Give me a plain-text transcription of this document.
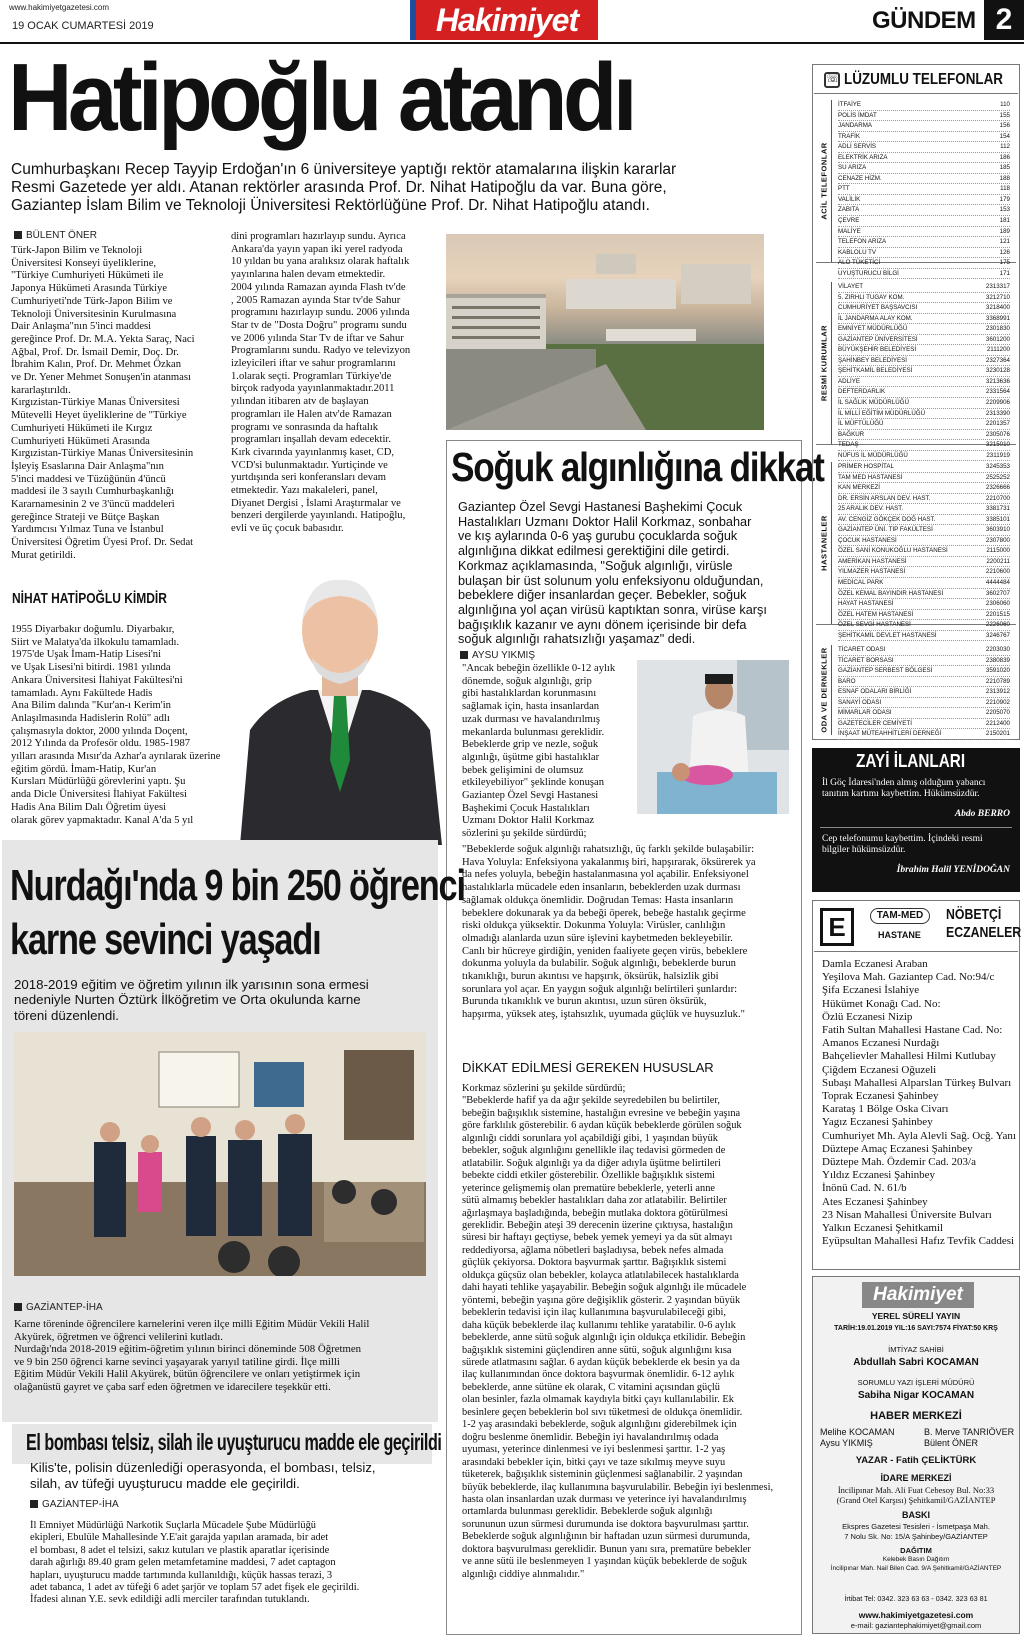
www.hakimiyetgazetesi.com
19 OCAK CUMARTESİ 2019	Hakimiyet	GÜNDEM 2
Hatipoğlu atandı
Cumhurbaşkanı Recep Tayyip Erdoğan'ın 6 üniversiteye yaptığı rektör atamalarına ilişkin kararlar
Resmi Gazetede yer aldı. Atanan rektörler arasında Prof. Dr. Nihat Hatipoğlu da var. Buna göre,
Gaziantep İslam Bilim ve Teknoloji Üniversitesi Rektörlüğüne Prof. Dr. Nihat Hatipoğlu atandı.
BÜLENT ÖNER
Türk-Japon Bilim ve Teknoloji
Üniversitesi Konseyi üyeliklerine,
"Türkiye Cumhuriyeti Hükümeti ile
Japonya Hükümeti Arasında Türkiye
Cumhuriyeti'nde Türk-Japon Bilim ve
Teknoloji Üniversitesinin Kurulmasına
Dair Anlaşma"nın 5'inci maddesi
gereğince Prof. Dr. M.A. Yekta Saraç, Naci
Ağbal, Prof. Dr. İsmail Demir, Doç. Dr.
İbrahim Kalın, Prof. Dr. Mehmet Özkan
ve Dr. Yener Mehmet Sonuşen'in atanması
kararlaştırıldı.
Kırgızistan-Türkiye Manas Üniversitesi
Mütevelli Heyet üyeliklerine de "Türkiye
Cumhuriyeti Hükümeti ile Kırgız
Cumhuriyeti Hükümeti Arasında
Kırgızistan-Türkiye Manas Üniversitesinin
İşleyiş Esaslarına Dair Anlaşma"nın
5'inci maddesi ve Tüzüğünün 4'üncü
maddesi ile 3 sayılı Cumhurbaşkanlığı
Kararnamesinin 2 ve 3'üncü maddeleri
gereğince Strateji ve Bütçe Başkan
Yardımcısı Yılmaz Tuna ve İstanbul
Üniversitesi Öğretim Üyesi Prof. Dr. Sedat
Murat getirildi.
dini programları hazırlayıp sundu. Ayrıca
Ankara'da yayın yapan iki yerel radyoda
10 yıldan bu yana aralıksız olarak haftalık
yayınlarına halen devam etmektedir.
2004 yılında Ramazan ayında Flash tv'de
, 2005 Ramazan ayında Star tv'de Sahur
programını hazırlayıp sundu. 2006 yılında
Star tv de "Dosta Doğru" programı sundu
ve 2006 yılında Star Tv de iftar ve Sahur
Programlarını sundu. Radyo ve televizyon
izleyicileri iftar ve sahur programlarını
1.olarak seçti. Programları Türkiye'de
birçok radyoda yayınlanmaktadır.2011
yılından itibaren atv de başlayan
programları ile Halen atv'de Ramazan
programı ve sonrasında da haftalık
programları inşallah devam edecektir.
Kırk civarında yayınlanmış kaset, CD,
VCD'si bulunmaktadır. Yurtiçinde ve
yurtdışında seri konferansları devam
etmektedir. Yazı makaleleri, panel,
Diyanet Dergisi , İslami Araştırmalar ve
benzeri dergilerde yayınlandı. Hatipoğlu,
evli ve üç çocuk babasıdır.
NİHAT HATİPOĞLU KİMDİR
1955 Diyarbakır doğumlu. Diyarbakır,
Siirt ve Malatya'da ilkokulu tamamladı.
1975'de Uşak İmam-Hatip Lisesi'ni
ve Uşak Lisesi'ni bitirdi. 1981 yılında
Ankara Üniversitesi İlahiyat Fakültesi'ni
tamamladı. Aynı Fakültede Hadis
Ana Bilim dalında "Kur'an-ı Kerim'in
Anlaşılmasında Hadislerin Rolü" adlı
çalışmasıyla doktor, 2000 yılında Doçent,
2012 Yılında da Profesör oldu. 1985-1987
yılları arasında Mısır'da Azhar'a ayrılarak üzerine
eğitim gördü. İmam-Hatip, Kur'an
Kursları Müdürlüğü görevlerini yaptı. Şu
anda Dicle Üniversitesi İlahiyat Fakültesi
Hadis Ana Bilim Dalı Öğretim üyesi
olarak görev yapmaktadır. Kanal A'da 5 yıl
Soğuk algınlığına dikkat
Gaziantep Özel Sevgi Hastanesi Başhekimi Çocuk
Hastalıkları Uzmanı Doktor Halil Korkmaz, sonbahar
ve kış aylarında 0-6 yaş gurubu çocuklarda soğuk
algınlığına dikkat edilmesi gerektiğini dile getirdi.
Korkmaz açıklamasında, "Soğuk algınlığı, virüsle
bulaşan bir üst solunum yolu enfeksiyonu olduğundan,
bebeklere diğer insanlardan geçer. Bebekler, soğuk
algınlığına yol açan virüsü kaptıktan sonra, virüse karşı
bağışıklık kazanır ve aynı dönem içerisinde bir defa
soğuk algınlığı rahatsızlığı yaşamaz" dedi.
AYSU YIKMIŞ
"Ancak bebeğin özellikle 0-12 aylık
dönemde, soğuk algınlığı, grip
gibi hastalıklardan korunmasını
sağlamak için, hasta insanlardan
uzak durması ve havalandırılmış
mekanlarda bulunması gereklidir.
Bebeklerde grip ve nezle, soğuk
algınlığı, üşütme gibi hastalıklar
bebek gelişimini de olumsuz
etkileyebiliyor" şeklinde konuşan
Gaziantep Özel Sevgi Hastanesi
Başhekimi Çocuk Hastalıkları
Uzmanı Doktor Halil Korkmaz
sözlerini şu şekilde sürdürdü;
"Bebeklerde soğuk algınlığı rahatsızlığı, üç farklı şekilde bulaşabilir:
Hava Yoluyla: Enfeksiyona yakalanmış biri, hapşırarak, öksürerek ya
da nefes yoluyla, bebeğin hastalanmasına yol açabilir. Enfeksiyonel
hastalıklarla mücadele eden insanların, bebeklerden uzak durması
sağlamak oldukça önemlidir. Doğrudan Temas: Hasta insanların
bebeklere dokunarak ya da bebeği öperek, bebeğe hastalık geçirme
riski oldukça yüksektir. Dokunma Yoluyla: Virüsler, canlılığın
olmadığı alanlarda uzun süre işlevini kaybetmeden bekleyebilir.
Canlı bir hücreye girdiğin, yeniden faaliyete geçen virüs, bebeklere
dokunma yoluyla da bulabilir. Soğuk algınlığı, bebeklerde burun
tıkanıklığı, burun akıntısı ve hapşırık, öksürük, halsizlik gibi
sorunlara yol açar. En yaygın soğuk algınlığı belirtileri şunlardır:
Burunda tıkanıklık ve burun akıntısı, uzun süren öksürük,
hapşırma, yüksek ateş, iştahsızlık, uyumada güçlük ve huysuzluk."
DİKKAT EDİLMESİ GEREKEN HUSUSLAR
Korkmaz sözlerini şu şekilde sürdürdü;
"Bebeklerde hafif ya da ağır şekilde seyredebilen bu belirtiler,
bebeğin bağışıklık sistemine, hastalığın evresine ve bebeğin yaşına
göre farklılık gösterebilir. 6 aydan küçük bebeklerde görülen soğuk
algınlığı ciddi sorunlara yol açabildiği gibi, 1 yaşından büyük
bebekler, soğuk algınlığını genellikle ilaç tedavisi görmeden de
atlatabilir. Soğuk algınlığı ya da diğer adıyla üşütme belirtileri
bebekte ciddi etkiler gösterebilir. Özellikle bağışıklık sistemi
yeterince gelişmemiş olan prematüre bebeklerle, yeterli anne
sütü almamış bebekler hastalıkları daha zor atlatabilir. Belirtiler
ağırlaşmaya başladığında, bebeğin mutlaka doktora götürülmesi
gereklidir. Bebeğin ateşi 39 derecenin üzerine çıktıysa, hastalığın
süresi bir haftayı geçtiyse, bebek yemek yemeyi ya da süt almayı
reddediyorsa, ağlama nöbetleri başladıysa, bebek nefes almada
güçlük çekiyorsa. Doktora başvurmak şarttır. Bağışıklık sistemi
oldukça güçsüz olan bebekler, kolayca atlatılabilecek hastalıklarda
dahi hayati tehlike yaşayabilir. Bebeğin soğuk algınlığı ile mücadele
yöntemi, bebeğin yaşına göre değişiklik gösterir. 2 yaşından büyük
bebeklerin tedavisi için ilaç kullanımına başvurulabileceği gibi,
daha küçük bebeklerde ilaç kullanımı tehlike yaratabilir. 0-6 aylık
bebeklerde, anne sütü soğuk algınlığı için oldukça etkilidir. Bebeğin
bağışıklık sistemini güçlendiren anne sütü, soğuk algınlığını kısa
sürede atlatmasını sağlar. 6 aydan küçük bebeklerde ek besin ya da
ilaç kullanımından önce doktora başvurmak önemlidir. 6-12 aylık
bebeklerde, anne sütüne ek olarak, C vitamini açısından güçlü
olan besinler, fazla olmamak kaydıyla bitki çayı kullanılabilir. Ek
besinlere geçen bebeklerin bol sıvı tüketmesi de oldukça önemlidir.
1-2 yaş arasındaki bebeklerde, soğuk algınlığını giderebilmek için
doğru beslenme önemlidir. Bebeğin iyi havalandırılmış odada
uyuması, yeterince dinlenmesi ve iyi beslenmesi şarttır. 1-2 yaş
arasındaki bebekler için, bitki çayı ve taze sıkılmış meyve suyu
tüketerek, bağışıklık sisteminin güçlenmesi sağlanabilir. 2 yaşından
büyük bebeklerde, ilaç kullanımına başvurulabilir. Bebeğin iyi beslenmesi,
hasta olan insanlardan uzak durması ve yeterince iyi havalandırılmış
ortamlarda bulunması gereklidir. Bebeklerde soğuk algınlığı
sorununun uzun sürmesi durumunda ise doktora başvurulması şarttır.
Bebeklerde soğuk algınlığının bir haftadan uzun sürmesi durumunda,
doktora başvurulması gereklidir. Bunun yanı sıra, prematüre bebekler
ve anne sütü ile beslenmeyen 1 yaşından küçük bebeklerde de soğuk
algınlığı ciddiye alınmalıdır."
Nurdağı'nda 9 bin 250 öğrenci
karne sevinci yaşadı
2018-2019 eğitim ve öğretim yılının ilk yarısının sona ermesi
nedeniyle Nurten Öztürk İlköğretim ve Orta okulunda karne
töreni düzenlendi.
GAZİANTEP-İHA
Karne töreninde öğrencilere karnelerini veren ilçe milli Eğitim Müdür Vekili Halil
Akyürek, öğretmen ve öğrenci velilerini kutladı.
Nurdağı'nda 2018-2019 eğitim-öğretim yılının birinci döneminde 508 Öğretmen
ve 9 bin 250 öğrenci karne sevinci yaşayarak yarıyıl tatiline girdi. İlçe milli
Eğitim Müdür Vekili Halil Akyürek, bütün öğrencilere ve onları yetiştirmek için
olağanüstü gayret ve çaba sarf eden öğretmen ve idarecilere teşekkür etti.
El bombası telsiz, silah ile uyuşturucu madde ele geçirildi
Kilis'te, polisin düzenlediği operasyonda, el bombası, telsiz,
silah, av tüfeği uyuşturucu madde ele geçirildi.
GAZİANTEP-İHA
İl Emniyet Müdürlüğü Narkotik Suçlarla Mücadele Şube Müdürlüğü
ekipleri, Ebulüle Mahallesinde Y.E'ait garajda yapılan aramada, bir adet
el bombası, 8 adet el telsizi, sakız kutuları ve plastik aparatlar içerisinde
darah ağırlığı 89.40 gram gelen metamfetamine maddesi, 7 adet captagon
hapları, uyuşturucu madde tartımında kullanıldığı, küçük hassas terazi, 3
adet tabanca, 1 adet av tüfeği 6 adet şarjör ve toplam 57 adet fişek ele geçirildi.
İfadesi alınan Y.E. sevk edildiği adli merciler tarafından tutuklandı.
☏ LÜZUMLU TELEFONLAR
ACİL TELEFONLAR
İTFAİYE	110
POLİS İMDAT	155
JANDARMA	156
TRAFİK	154
ADLİ SERVİS	112
ELEKTRİK ARIZA	186
SU ARIZA	185
CENAZE HİZM.	188
PTT	118
VALİLİK	179
ZABITA	153
ÇEVRE	181
MALİYE	189
TELEFON ARIZA	121
KABLOLU TV	126
ALO TÜKETİCİ	175
UYUŞTURUCU BİLGİ	171
RESMİ KURUMLAR
VİLAYET	2313317
5. ZIRHLI TUGAY KOM.	3212710
CUMHURİYET BAŞSAVCISI	3218400
İL JANDARMA ALAY KOM.	3368991
EMNİYET MÜDÜRLÜĞÜ	2301830
GAZİANTEP ÜNİVERSİTESİ	3601200
BÜYÜKŞEHİR BELEDİYESİ	2111200
ŞAHİNBEY BELEDİYESİ	2327364
ŞEHİTKAMİL BELEDİYESİ	3230128
ADLİYE	3213636
DEFTERDARLIK	2331564
İL SAĞLIK MÜDÜRLÜĞÜ	2209906
İL MİLLİ EĞİTİM MÜDÜRLÜĞÜ	2313390
İL MÜFTÜLÜĞÜ	2201357
BAĞKUR	2305076
TEDAŞ	3215010
NÜFUS İL MÜDÜRLÜĞÜ	2311919
HASTANELER
PRİMER HOSPİTAL	3245353
TAM MED HASTANESİ	2525252
KAN MERKEZİ	2326666
DR. ERSİN ARSLAN DEV. HAST.	2210700
25 ARALIK DEV. HAST.	3381731
AV. CENGİZ GÖKÇEK DOĞ HAST.	3385101
GAZİANTEP ÜNİ. TIP FAKÜLTESİ	3603910
ÇOCUK HASTANESİ	2307800
ÖZEL SANİ KONUKOĞLU HASTANESİ	2115000
AMERİKAN HASTANESİ	2200211
YILMAZER HASTANESİ	2210600
MEDİCAL PARK	4444484
ÖZEL KEMAL BAYINDIR HASTANESİ	3602707
HAYAT HASTANESİ	2306060
ÖZEL HATEM HASTANESİ	2201515
ÖZEL SEVGİ HASTANESİ	2226060
ŞEHİTKAMİL DEVLET HASTANESİ	3246767
ODA VE DERNEKLER TİCARET ODASI	2203030
TİCARET BORSASI	2380839
GAZİANTEP SERBEST BÖLGESİ	3591020
BARO	2210789
ESNAF ODALARI BİRLİĞİ	2313912
SANAYİ ODASI	2210902
MİMARLAR ODASI	2205070
GAZETECİLER CEMİYETİ	2212400
İNŞAAT MÜTEAHHİTLERİ DERNEĞİ	2150201
ZAYİ İLANLARI
İl Göç İdaresi'nden almış olduğum yabancı tanıtım kartımı kaybettim. Hükümsüzdür.
Abdo BERRO
Cep telefonumu kaybettim. İçindeki resmi bilgiler hükümsüzdür.
İbrahim Halil YENİDOĞAN
E	TAM-MED
HASTANE
NÖBETÇİ
ECZANELER
Damla Eczanesi Araban
Yeşilova Mah. Gaziantep Cad. No:94/c
Şifa Eczanesi İslahiye
Hükümet Konağı Cad. No:
Özlü Eczanesi Nizip
Fatih Sultan Mahallesi Hastane Cad. No:
Amanos Eczanesi Nurdağı
Bahçelievler Mahallesi Hilmi Kutlubay
Çiğdem Eczanesi Oğuzeli
Subaşı Mahallesi Alparslan Türkeş Bulvarı
Toprak Eczanesi Şahinbey
Karataş 1 Bölge Oska Civarı
Yagız Eczanesi Şahinbey
Cumhuriyet Mh. Ayla Alevli Sağ. Ocğ. Yanı
Düztepe Amaç Eczanesi Şahinbey
Düztepe Mah. Özdemir Cad. 203/a
Yıldız Eczanesi Şahinbey
İnönü Cad. N. 61/b
Ates Eczanesi Şahinbey
23 Nisan Mahallesi Üniversite Bulvarı
Yalkın Eczanesi Şehitkamil
Eyüpsultan Mahallesi Hafız Tevfik Caddesi
Hakimiyet
YEREL SÜRELİ YAYIN
TARİH:19.01.2019 YIL:16 SAYI:7574 FİYAT:50 KRŞ
İMTİYAZ SAHİBİ
Abdullah Sabri KOCAMAN
SORUMLU YAZI İŞLERİ MÜDÜRÜ
Sabiha Nigar KOCAMAN
HABER MERKEZİ
Melihe KOCAMAN
Aysu YIKMIŞ
B. Merve TANRIÖVER
Bülent ÖNER
YAZAR - Fatih ÇELİKTÜRK
İDARE MERKEZİ
İncilipınar Mah. Ali Fuat Cebesoy Bul. No:33
(Grand Otel Karşısı) Şehitkamil/GAZİANTEP
BASKI
Ekspres Gazetesi Tesisleri - İsmetpaşa Mah.
7 Nolu Sk. No: 15/A Şahinbey/GAZİANTEP
DAĞITIM
Kelebek Basın Dağıtım
İncilipınar Mah. Nail Bilen Cad. 9/A Şehitkamil/GAZİANTEP
İrtibat Tel: 0342. 323 63 63 - 0342. 323 63 81
www.hakimiyetgazetesi.com
e-mail: gaziantephakimiyet@gmail.com
